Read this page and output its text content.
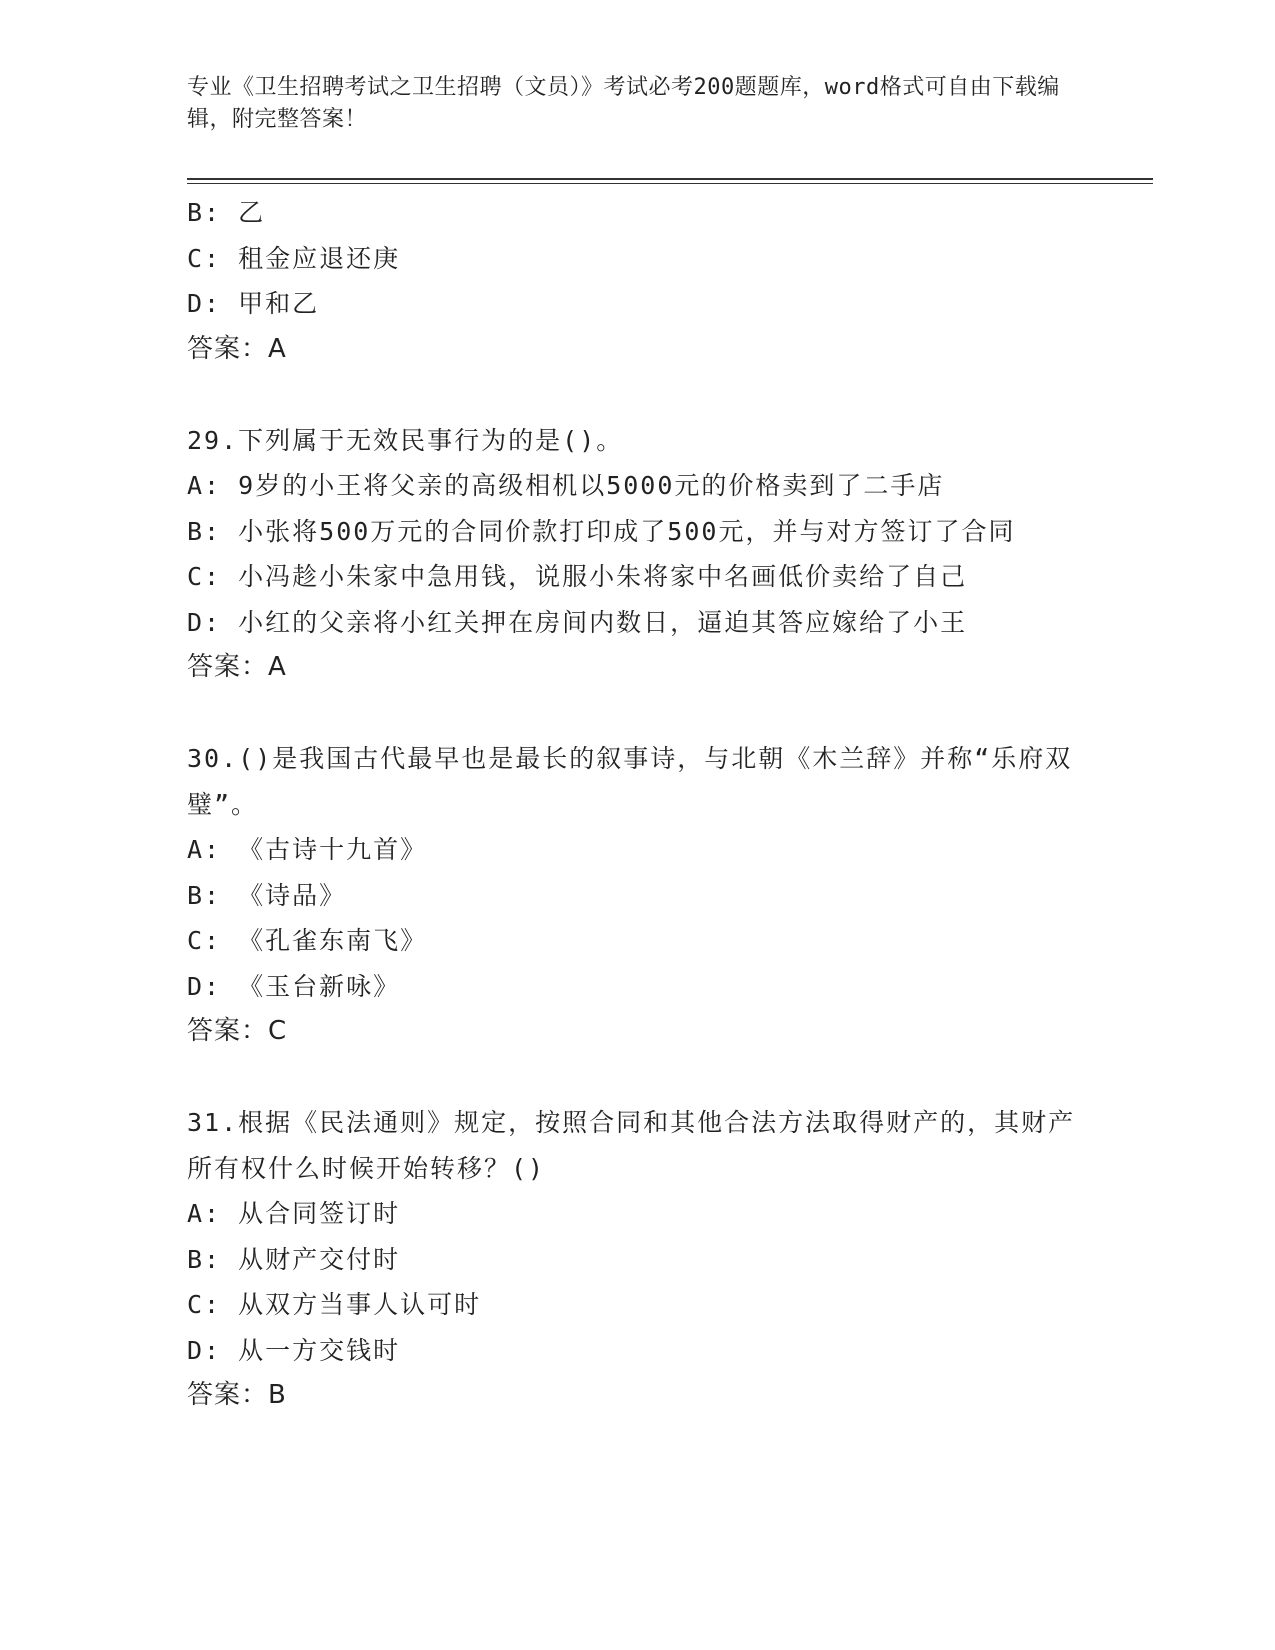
专业《卫生招聘考试之卫生招聘（文员）》考试必考200题题库，word格式可自由下载编辑，附完整答案！

B: 乙

C: 租金应退还庚

D: 甲和乙

答案：A

29.下列属于无效民事行为的是()。

A: 9岁的小王将父亲的高级相机以5000元的价格卖到了二手店

B: 小张将500万元的合同价款打印成了500元，并与对方签订了合同

C: 小冯趁小朱家中急用钱，说服小朱将家中名画低价卖给了自己

D: 小红的父亲将小红关押在房间内数日，逼迫其答应嫁给了小王

答案：A

30.()是我国古代最早也是最长的叙事诗，与北朝《木兰辞》并称“乐府双璧”。

A: 《古诗十九首》

B: 《诗品》

C: 《孔雀东南飞》

D: 《玉台新咏》

答案：C

31.根据《民法通则》规定，按照合同和其他合法方法取得财产的，其财产所有权什么时候开始转移？()

A: 从合同签订时

B: 从财产交付时

C: 从双方当事人认可时

D: 从一方交钱时

答案：B
